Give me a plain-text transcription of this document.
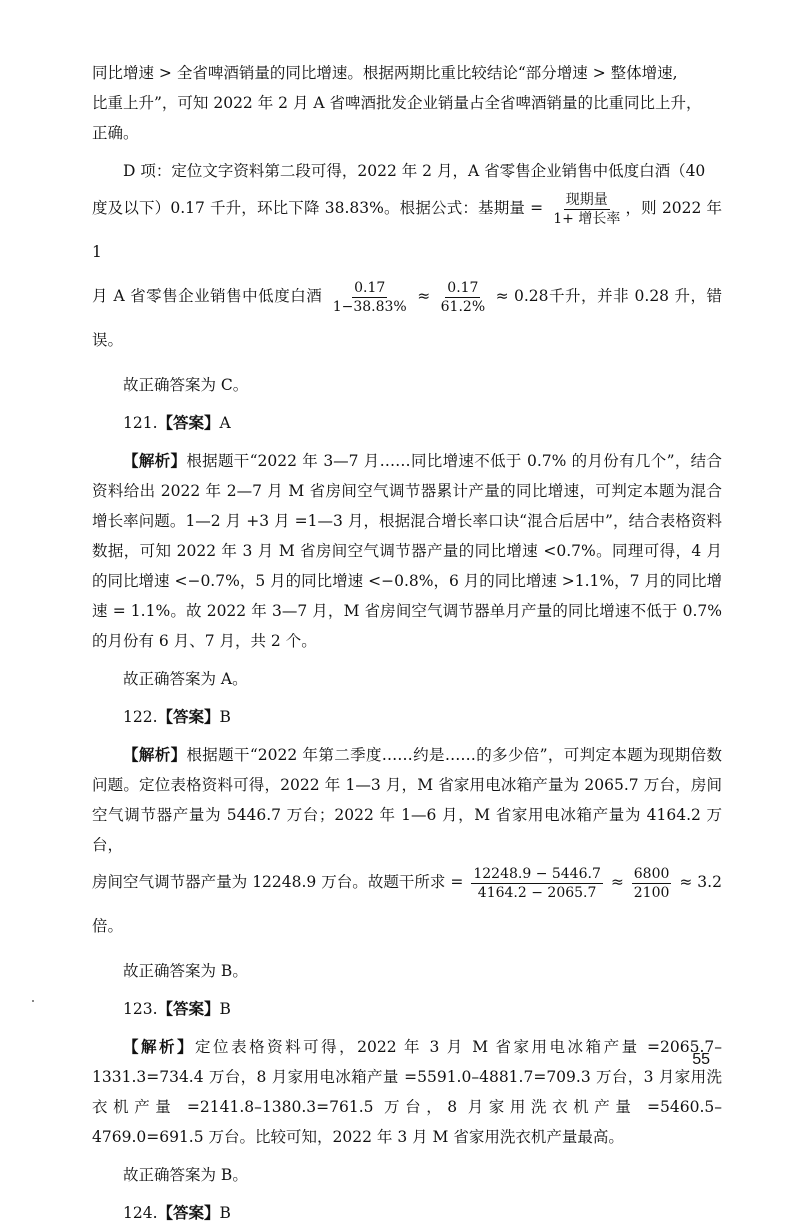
同比增速 > 全省啤酒销量的同比增速。根据两期比重比较结论“部分增速 > 整体增速,
比重上升”，可知 2022 年 2 月 A 省啤酒批发企业销量占全省啤酒销量的比重同比上升，
正确。

D 项：定位文字资料第二段可得，2022 年 2 月，A 省零售企业销售中低度白酒（40

度及以下）0.17 千升，环比下降 38.83%。根据公式：基期量 = $\frac{\text{现期量}}{\text{1+ 增长率}}$ ，则 2022 年 1

月 A 省零售企业销售中低度白酒 $\frac{0.17}{1-38.83\%} \approx \frac{0.17}{61.2\%} \approx 0.28$千升，并非 0.28 升，错误。

故正确答案为 C。

121.【答案】A

【解析】根据题干“2022 年 3—7 月……同比增速不低于 0.7% 的月份有几个”，结合资料给出 2022 年 2—7 月 M 省房间空气调节器累计产量的同比增速，可判定本题为混合增长率问题。1—2 月 +3 月 =1—3 月，根据混合增长率口诀“混合后居中”，结合表格资料数据，可知 2022 年 3 月 M 省房间空气调节器产量的同比增速 <0.7%。同理可得，4 月的同比增速 <−0.7%，5 月的同比增速 <−0.8%，6 月的同比增速 >1.1%，7 月的同比增速 = 1.1%。故 2022 年 3—7 月，M 省房间空气调节器单月产量的同比增速不低于 0.7% 的月份有 6 月、7 月，共 2 个。

故正确答案为 A。

122.【答案】B

【解析】根据题干“2022 年第二季度……约是……的多少倍”，可判定本题为现期倍数问题。定位表格资料可得，2022 年 1—3 月，M 省家用电冰箱产量为 2065.7 万台，房间空气调节器产量为 5446.7 万台；2022 年 1—6 月，M 省家用电冰箱产量为 4164.2 万台，

房间空气调节器产量为 12248.9 万台。故题干所求 = $\frac{12248.9 - 5446.7}{4164.2 - 2065.7} \approx \frac{6800}{2100} \approx 3.2$倍。

故正确答案为 B。

123.【答案】B

【解析】定位表格资料可得，2022 年 3 月 M 省家用电冰箱产量 =2065.7–1331.3=734.4 万台，8 月家用电冰箱产量 =5591.0–4881.7=709.3 万台，3 月家用洗衣机产量 =2141.8–1380.3=761.5 万台，8 月家用洗衣机产量 =5460.5–4769.0=691.5 万台。比较可知，2022 年 3 月 M 省家用洗衣机产量最高。

故正确答案为 B。

124.【答案】B

55
